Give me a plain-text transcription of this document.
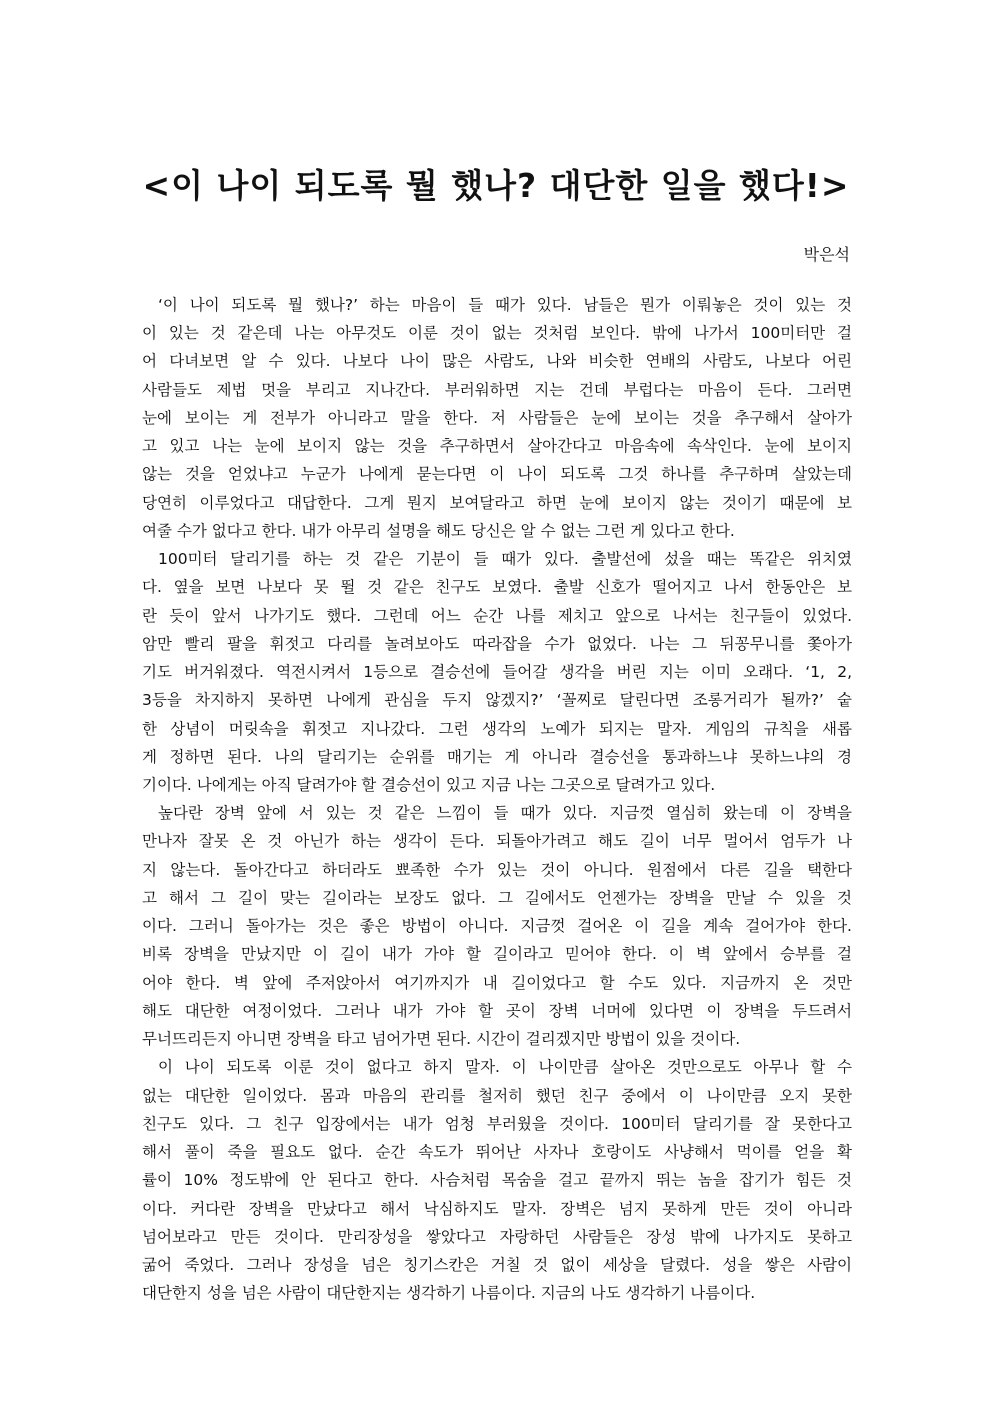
<이 나이 되도록 뭘 했나? 대단한 일을 했다!>
박은석
‘이 나이 되도록 뭘 했나?’ 하는 마음이 들 때가 있다. 남들은 뭔가 이뤄놓은 것이 있는 것
이 있는 것 같은데 나는 아무것도 이룬 것이 없는 것처럼 보인다. 밖에 나가서 100미터만 걸
어 다녀보면 알 수 있다. 나보다 나이 많은 사람도, 나와 비슷한 연배의 사람도, 나보다 어린
사람들도 제법 멋을 부리고 지나간다. 부러워하면 지는 건데 부럽다는 마음이 든다. 그러면
눈에 보이는 게 전부가 아니라고 말을 한다. 저 사람들은 눈에 보이는 것을 추구해서 살아가
고 있고 나는 눈에 보이지 않는 것을 추구하면서 살아간다고 마음속에 속삭인다. 눈에 보이지
않는 것을 얻었냐고 누군가 나에게 묻는다면 이 나이 되도록 그것 하나를 추구하며 살았는데
당연히 이루었다고 대답한다. 그게 뭔지 보여달라고 하면 눈에 보이지 않는 것이기 때문에 보
여줄 수가 없다고 한다. 내가 아무리 설명을 해도 당신은 알 수 없는 그런 게 있다고 한다.
100미터 달리기를 하는 것 같은 기분이 들 때가 있다. 출발선에 섰을 때는 똑같은 위치였
다. 옆을 보면 나보다 못 뛸 것 같은 친구도 보였다. 출발 신호가 떨어지고 나서 한동안은 보
란 듯이 앞서 나가기도 했다. 그런데 어느 순간 나를 제치고 앞으로 나서는 친구들이 있었다.
암만 빨리 팔을 휘젓고 다리를 놀려보아도 따라잡을 수가 없었다. 나는 그 뒤꽁무니를 쫓아가
기도 버거워졌다. 역전시켜서 1등으로 결승선에 들어갈 생각을 버린 지는 이미 오래다. ‘1, 2,
3등을 차지하지 못하면 나에게 관심을 두지 않겠지?’ ‘꼴찌로 달린다면 조롱거리가 될까?’ 숱
한 상념이 머릿속을 휘젓고 지나갔다. 그런 생각의 노예가 되지는 말자. 게임의 규칙을 새롭
게 정하면 된다. 나의 달리기는 순위를 매기는 게 아니라 결승선을 통과하느냐 못하느냐의 경
기이다. 나에게는 아직 달려가야 할 결승선이 있고 지금 나는 그곳으로 달려가고 있다.
높다란 장벽 앞에 서 있는 것 같은 느낌이 들 때가 있다. 지금껏 열심히 왔는데 이 장벽을
만나자 잘못 온 것 아닌가 하는 생각이 든다. 되돌아가려고 해도 길이 너무 멀어서 엄두가 나
지 않는다. 돌아간다고 하더라도 뾰족한 수가 있는 것이 아니다. 원점에서 다른 길을 택한다
고 해서 그 길이 맞는 길이라는 보장도 없다. 그 길에서도 언젠가는 장벽을 만날 수 있을 것
이다. 그러니 돌아가는 것은 좋은 방법이 아니다. 지금껏 걸어온 이 길을 계속 걸어가야 한다.
비록 장벽을 만났지만 이 길이 내가 가야 할 길이라고 믿어야 한다. 이 벽 앞에서 승부를 걸
어야 한다. 벽 앞에 주저앉아서 여기까지가 내 길이었다고 할 수도 있다. 지금까지 온 것만
해도 대단한 여정이었다. 그러나 내가 가야 할 곳이 장벽 너머에 있다면 이 장벽을 두드려서
무너뜨리든지 아니면 장벽을 타고 넘어가면 된다. 시간이 걸리겠지만 방법이 있을 것이다.
이 나이 되도록 이룬 것이 없다고 하지 말자. 이 나이만큼 살아온 것만으로도 아무나 할 수
없는 대단한 일이었다. 몸과 마음의 관리를 철저히 했던 친구 중에서 이 나이만큼 오지 못한
친구도 있다. 그 친구 입장에서는 내가 엄청 부러웠을 것이다. 100미터 달리기를 잘 못한다고
해서 풀이 죽을 필요도 없다. 순간 속도가 뛰어난 사자나 호랑이도 사냥해서 먹이를 얻을 확
률이 10% 정도밖에 안 된다고 한다. 사슴처럼 목숨을 걸고 끝까지 뛰는 놈을 잡기가 힘든 것
이다. 커다란 장벽을 만났다고 해서 낙심하지도 말자. 장벽은 넘지 못하게 만든 것이 아니라
넘어보라고 만든 것이다. 만리장성을 쌓았다고 자랑하던 사람들은 장성 밖에 나가지도 못하고
굶어 죽었다. 그러나 장성을 넘은 칭기스칸은 거칠 것 없이 세상을 달렸다. 성을 쌓은 사람이
대단한지 성을 넘은 사람이 대단한지는 생각하기 나름이다. 지금의 나도 생각하기 나름이다.
